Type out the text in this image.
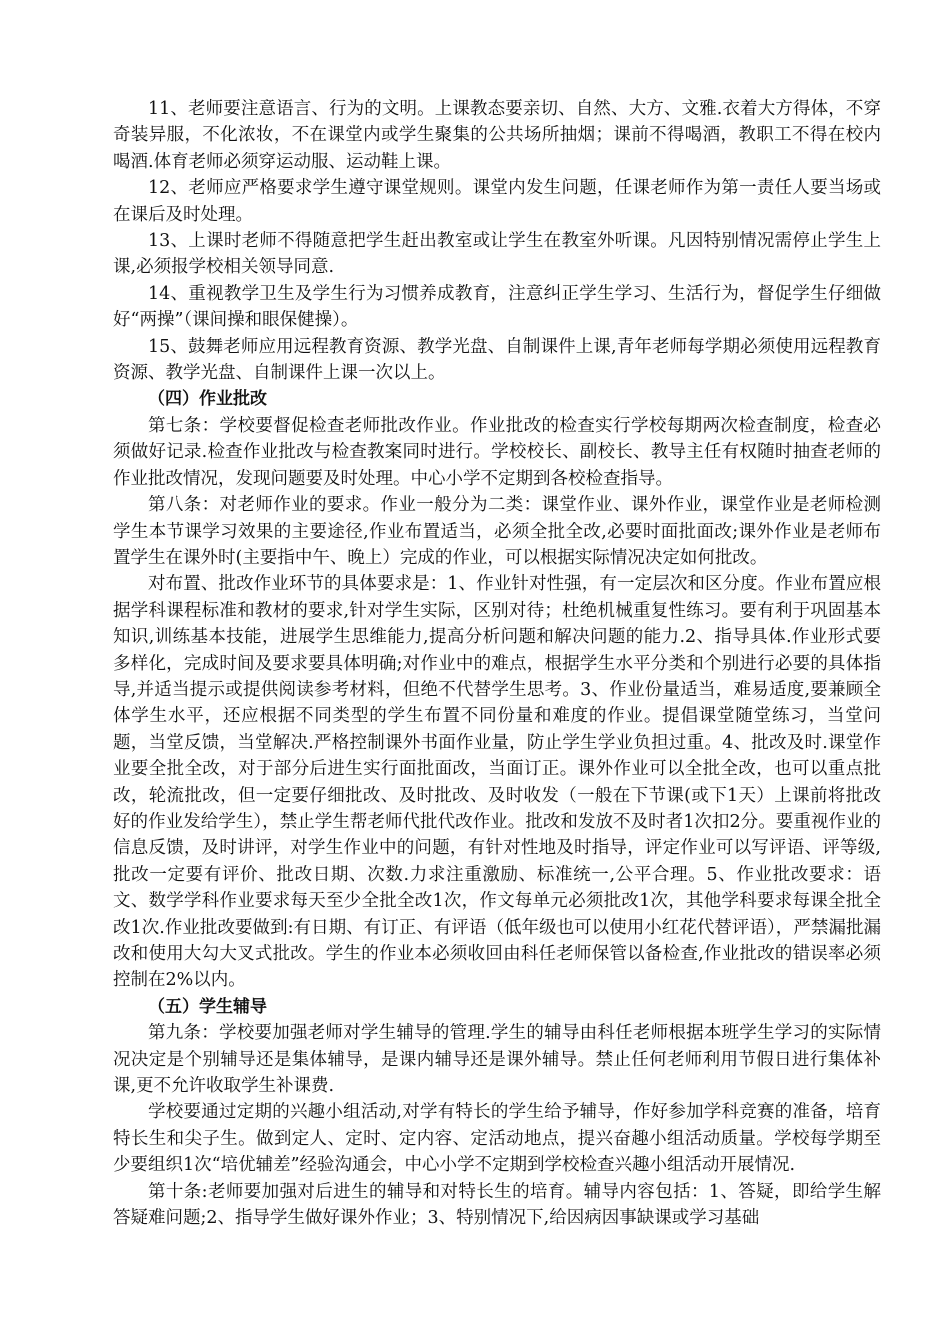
11、老师要注意语言、行为的文明。上课教态要亲切、自然、大方、文雅.衣着大方得体，不穿奇装异服，不化浓妆，不在课堂内或学生聚集的公共场所抽烟；课前不得喝酒，教职工不得在校内喝酒.体育老师必须穿运动服、运动鞋上课。

12、老师应严格要求学生遵守课堂规则。课堂内发生问题，任课老师作为第一责任人要当场或在课后及时处理。

13、上课时老师不得随意把学生赶出教室或让学生在教室外听课。凡因特别情况需停止学生上课,必须报学校相关领导同意.

14、重视教学卫生及学生行为习惯养成教育，注意纠正学生学习、生活行为，督促学生仔细做好“两操”（课间操和眼保健操）。

15、鼓舞老师应用远程教育资源、教学光盘、自制课件上课,青年老师每学期必须使用远程教育资源、教学光盘、自制课件上课一次以上。

（四）作业批改

第七条：学校要督促检查老师批改作业。作业批改的检查实行学校每期两次检查制度，检查必须做好记录.检查作业批改与检查教案同时进行。学校校长、副校长、教导主任有权随时抽查老师的作业批改情况，发现问题要及时处理。中心小学不定期到各校检查指导。

第八条：对老师作业的要求。作业一般分为二类：课堂作业、课外作业，课堂作业是老师检测学生本节课学习效果的主要途径,作业布置适当，必须全批全改,必要时面批面改;课外作业是老师布置学生在课外时(主要指中午、晚上）完成的作业，可以根据实际情况决定如何批改。

对布置、批改作业环节的具体要求是：1、作业针对性强，有一定层次和区分度。作业布置应根据学科课程标准和教材的要求,针对学生实际，区别对待；杜绝机械重复性练习。要有利于巩固基本知识,训练基本技能，进展学生思维能力,提高分析问题和解决问题的能力.2、指导具体.作业形式要多样化，完成时间及要求要具体明确;对作业中的难点，根据学生水平分类和个别进行必要的具体指导,并适当提示或提供阅读参考材料，但绝不代替学生思考。3、作业份量适当，难易适度,要兼顾全体学生水平，还应根据不同类型的学生布置不同份量和难度的作业。提倡课堂随堂练习，当堂问题，当堂反馈，当堂解决.严格控制课外书面作业量，防止学生学业负担过重。4、批改及时.课堂作业要全批全改，对于部分后进生实行面批面改，当面订正。课外作业可以全批全改，也可以重点批改，轮流批改，但一定要仔细批改、及时批改、及时收发（一般在下节课(或下1天）上课前将批改好的作业发给学生），禁止学生帮老师代批代改作业。批改和发放不及时者1次扣2分。要重视作业的信息反馈，及时讲评，对学生作业中的问题，有针对性地及时指导，评定作业可以写评语、评等级,批改一定要有评价、批改日期、次数.力求注重激励、标准统一,公平合理。5、作业批改要求：语文、数学学科作业要求每天至少全批全改1次，作文每单元必须批改1次，其他学科要求每课全批全改1次.作业批改要做到:有日期、有订正、有评语（低年级也可以使用小红花代替评语），严禁漏批漏改和使用大勾大叉式批改。学生的作业本必须收回由科任老师保管以备检查,作业批改的错误率必须控制在2%以内。

（五）学生辅导

第九条：学校要加强老师对学生辅导的管理.学生的辅导由科任老师根据本班学生学习的实际情况决定是个别辅导还是集体辅导，是课内辅导还是课外辅导。禁止任何老师利用节假日进行集体补课,更不允许收取学生补课费.

学校要通过定期的兴趣小组活动,对学有特长的学生给予辅导，作好参加学科竞赛的准备，培育特长生和尖子生。做到定人、定时、定内容、定活动地点，提兴奋趣小组活动质量。学校每学期至少要组织1次“培优辅差”经验沟通会，中心小学不定期到学校检查兴趣小组活动开展情况.

第十条:老师要加强对后进生的辅导和对特长生的培育。辅导内容包括：1、答疑，即给学生解答疑难问题;2、指导学生做好课外作业；3、特别情况下,给因病因事缺课或学习基础
